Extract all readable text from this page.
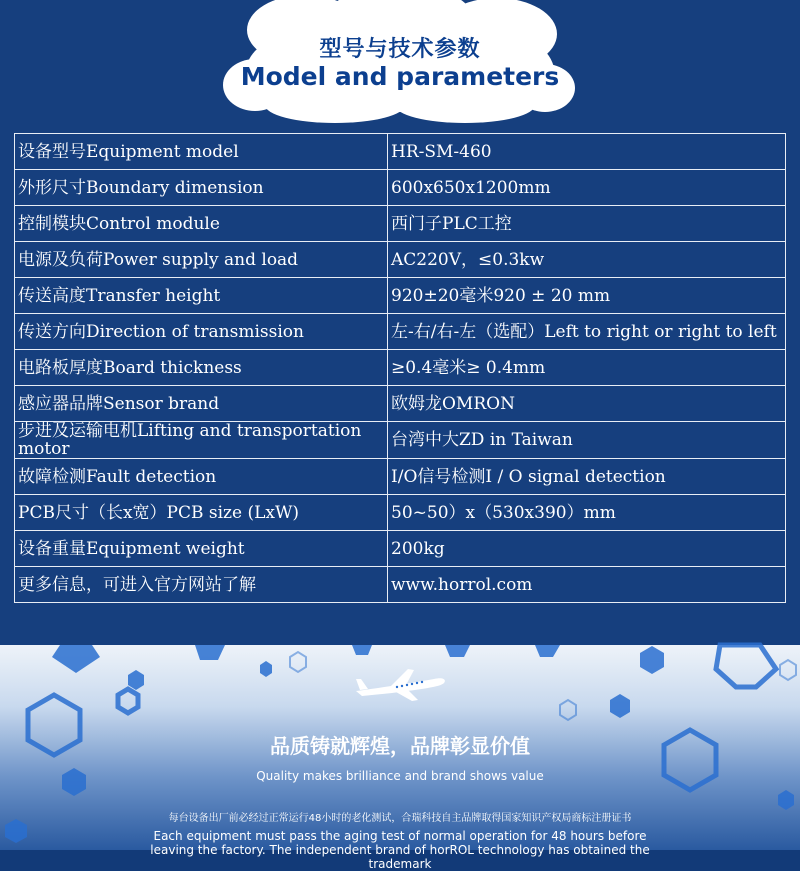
型号与技术参数
Model and parameters
设备型号Equipment model	HR-SM-460
外形尺寸Boundary dimension	600x650x1200mm
控制模块Control module	西门子PLC工控
电源及负荷Power supply and load	AC220V，≤0.3kw
传送高度Transfer height	920±20毫米920 ± 20 mm
传送方向Direction of transmission	左-右/右-左（选配）Left to right or right to left
电路板厚度Board thickness	≥0.4毫米≥ 0.4mm
感应器品牌Sensor brand	欧姆龙OMRON
步进及运输电机Lifting and transportation motor	台湾中大ZD in Taiwan
故障检测Fault detection	I/O信号检测I / O signal detection
PCB尺寸（长x宽）PCB size (LxW)	50~50）x（530x390）mm
设备重量Equipment weight	200kg
更多信息，可进入官方网站了解	www.horrol.com
品质铸就辉煌，品牌彰显价值
Quality makes brilliance and brand shows value
每台设备出厂前必经过正常运行48小时的老化测试，合瑞科技自主品牌取得国家知识产权局商标注册证书
Each equipment must pass the aging test of normal operation for 48 hours before leaving the factory. The independent brand of horROL technology has obtained the trademark
